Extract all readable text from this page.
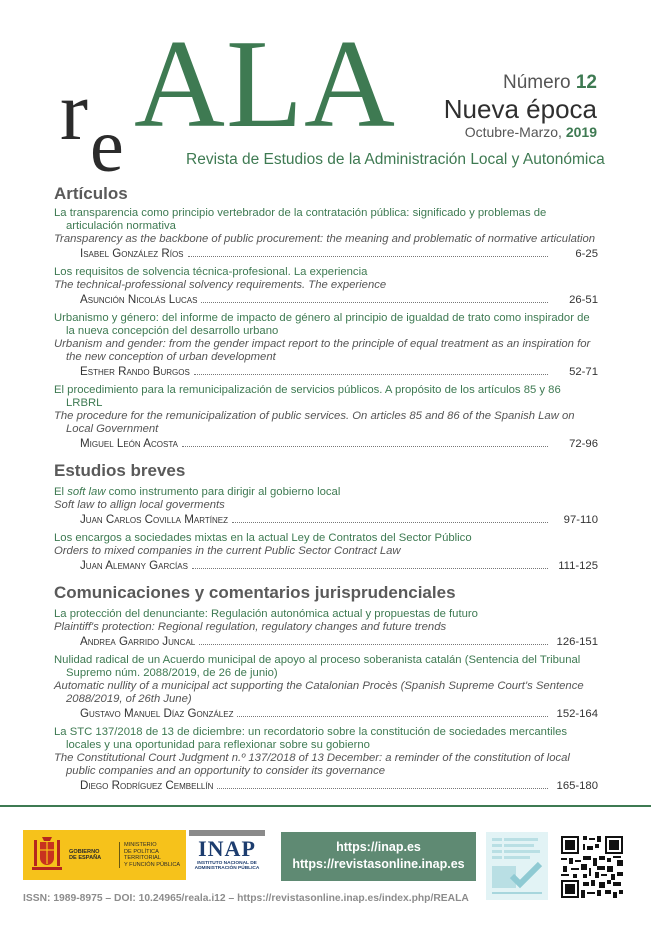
r e ALA	Número 12
Nueva época
Octubre-Marzo, 2019
Revista de Estudios de la Administración Local y Autonómica
Artículos
La transparencia como principio vertebrador de la contratación pública: significado y problemas de articulación normativa
Transparency as the backbone of public procurement: the meaning and problematic of normative articulation
Isabel González Ríos	6-25
Los requisitos de solvencia técnica-profesional. La experiencia
The technical-professional solvency requirements. The experience
Asunción Nicolás Lucas	26-51
Urbanismo y género: del informe de impacto de género al principio de igualdad de trato como inspirador de la nueva concepción del desarrollo urbano
Urbanism and gender: from the gender impact report to the principle of equal treatment as an inspiration for the new conception of urban development
Esther Rando Burgos	52-71
El procedimiento para la remunicipalización de servicios públicos. A propósito de los artículos 85 y 86 LRBRL
The procedure for the remunicipalization of public services. On articles 85 and 86 of the Spanish Law on Local Government
Miguel León Acosta	72-96
Estudios breves
El soft law como instrumento para dirigir al gobierno local
Soft law to allign local goverments
Juan Carlos Covilla Martínez	97-110
Los encargos a sociedades mixtas en la actual Ley de Contratos del Sector Público
Orders to mixed companies in the current Public Sector Contract Law
Juan Alemany Garcías	111-125
Comunicaciones y comentarios jurisprudenciales
La protección del denunciante: Regulación autonómica actual y propuestas de futuro
Plaintiff's protection: Regional regulation, regulatory changes and future trends
Andrea Garrido Juncal	126-151
Nulidad radical de un Acuerdo municipal de apoyo al proceso soberanista catalán (Sentencia del Tribunal Supremo núm. 2088/2019, de 26 de junio)
Automatic nullity of a municipal act supporting the Catalonian Procès (Spanish Supreme Court's Sentence 2088/2019, of 26th June)
Gustavo Manuel Díaz González	152-164
La STC 137/2018 de 13 de diciembre: un recordatorio sobre la constitución de sociedades mercantiles locales y una oportunidad para reflexionar sobre su gobierno
The Constitutional Court Judgment n.º 137/2018 of 13 December: a reminder of the constitution of local public companies and an opportunity to consider its governance
Diego Rodríguez Cembellín	165-180
GOBIERNO
DE ESPAÑA
MINISTERIO
DE POLÍTICA TERRITORIAL
Y FUNCIÓN PÚBLICA
INAP
INSTITUTO NACIONAL DE
ADMINISTRACIÓN PÚBLICA
https://inap.es
https://revistasonline.inap.es
ISSN: 1989-8975 – DOI: 10.24965/reala.i12 – https://revistasonline.inap.es/index.php/REALA
